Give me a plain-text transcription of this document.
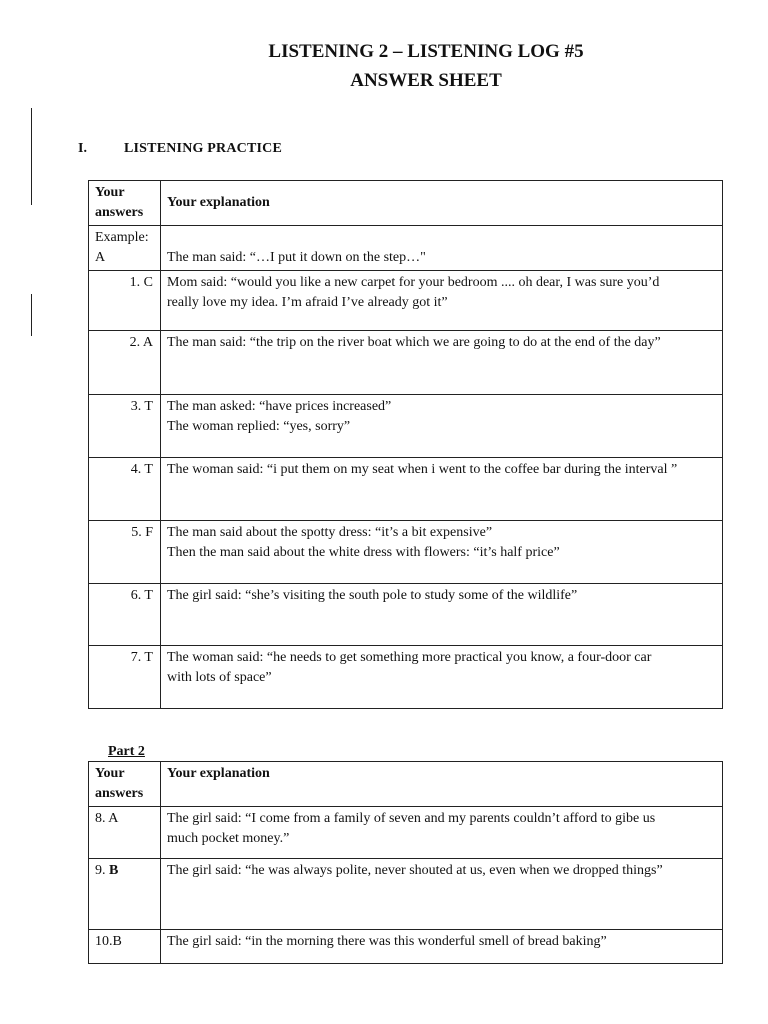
LISTENING 2 – LISTENING LOG #5
ANSWER SHEET
I.	LISTENING PRACTICE
Your answers	Your explanation

Example:
A	The man said: “…I put it down on the step…"
1. C	Mom said: “would you like a new carpet for your bedroom .... oh dear, I was sure you’d
really love my idea. I’m afraid I’ve already got it”

2. A	The man said: “the trip on the river boat which we are going to do at the end of the day”

3. T	The man asked: “have prices increased”
The woman replied: “yes, sorry”

4. T	The woman said: “i put them on my seat when i went to the coffee bar during the interval ”

5. F	The man said about the spotty dress: “it’s a bit expensive”
Then the man said about the white dress with flowers: “it’s half price”

6. T	The girl said: “she’s visiting the south pole to study some of the wildlife”

7. T	The woman said: “he needs to get something more practical you know, a four-door car
with lots of space”
Part 2
Your answers	Your explanation
8. A	The girl said: “I come from a family of seven and my parents couldn’t afford to gibe us
much pocket money.”

9. B	The girl said: “he was always polite, never shouted at us, even when we dropped things”

10.B	The girl said: “in the morning there was this wonderful smell of bread baking”
